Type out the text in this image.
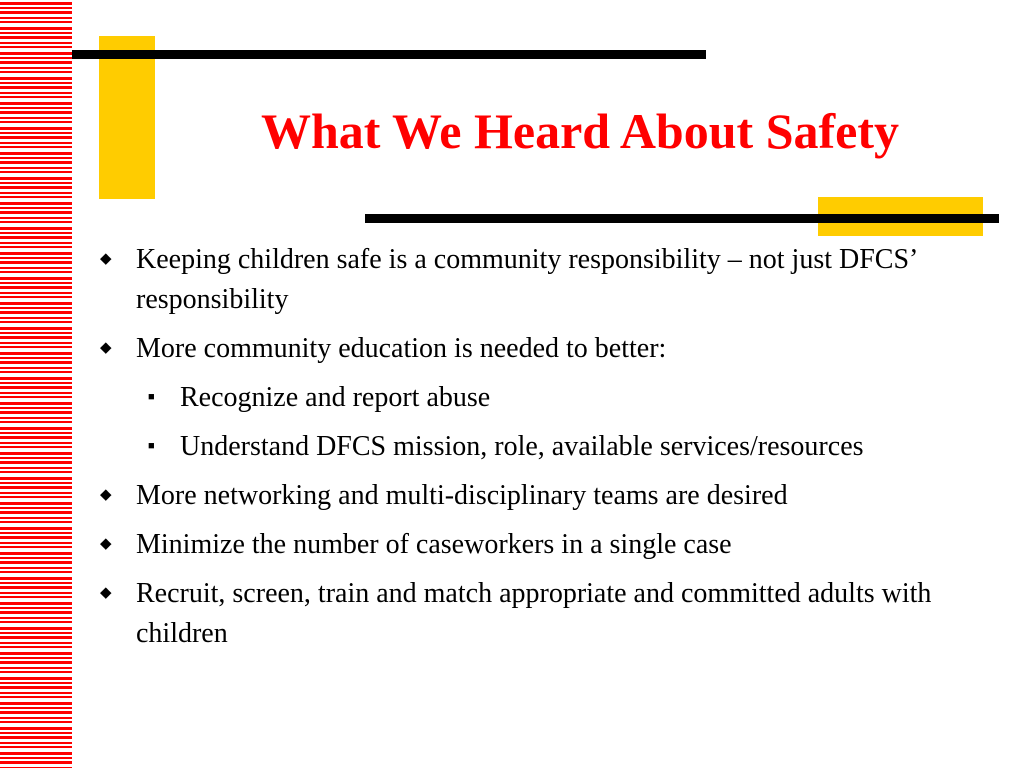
What We Heard About Safety
◆ Keeping children safe is a community responsibility – not just DFCS’ responsibility
◆ More community education is needed to better:
■ Recognize and report abuse
■ Understand DFCS mission, role, available services/resources
◆ More networking and multi-disciplinary teams are desired
◆ Minimize the number of caseworkers in a single case
◆ Recruit, screen, train and match appropriate and committed adults with children
